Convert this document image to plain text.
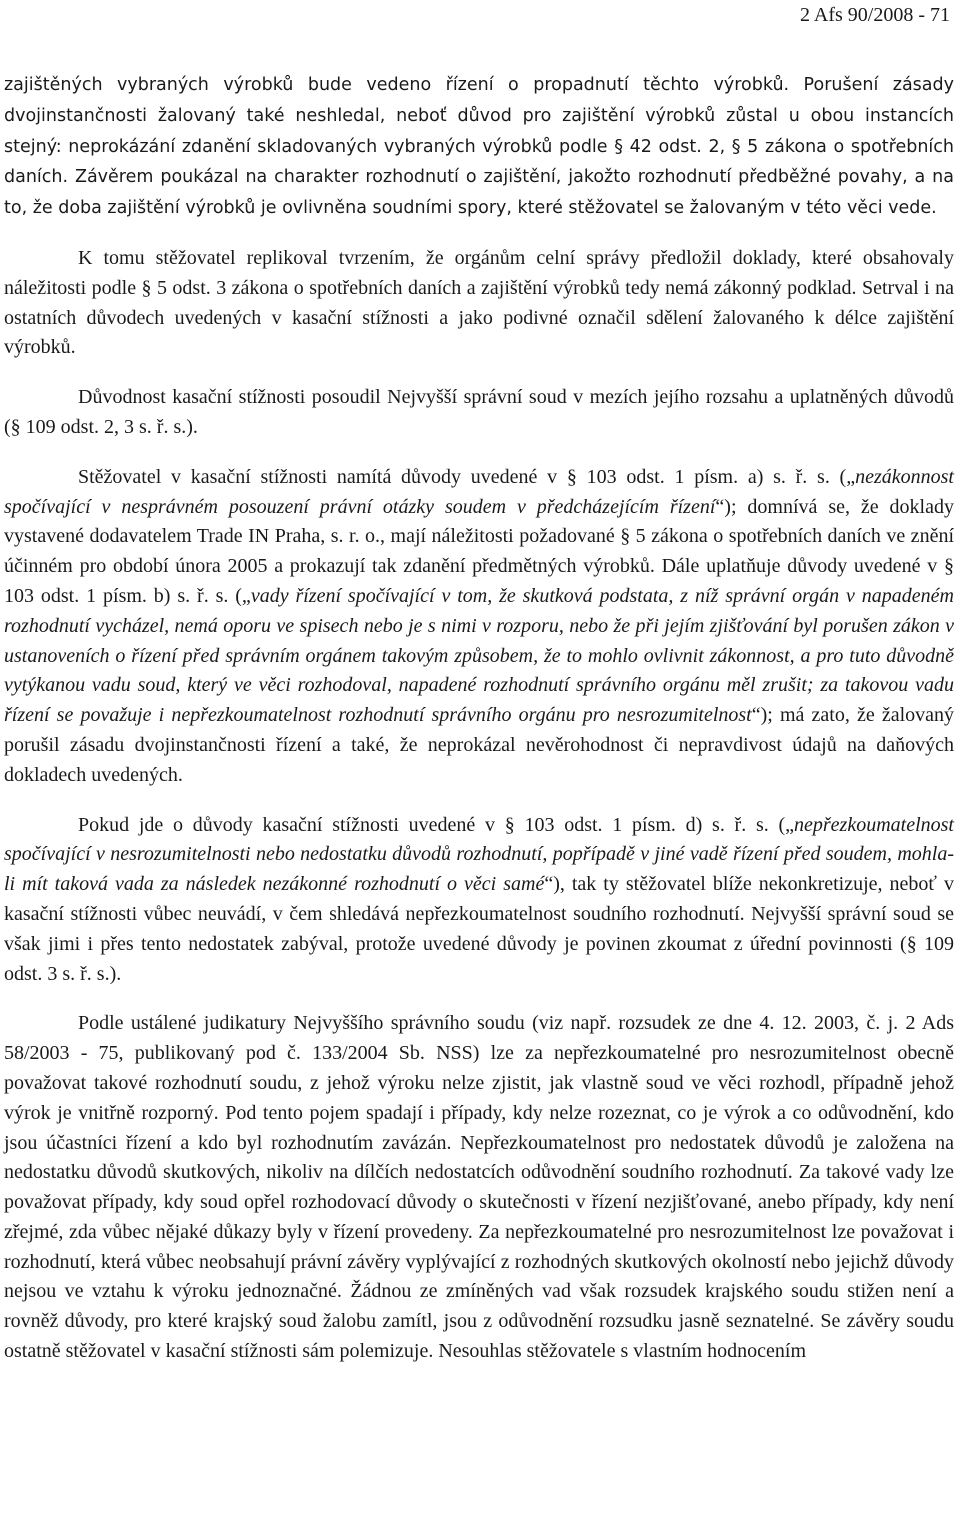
2 Afs 90/2008 - 71

zajištěných vybraných výrobků bude vedeno řízení o propadnutí těchto výrobků. Porušení zásady dvojinstančnosti žalovaný také neshledal, neboť důvod pro zajištění výrobků zůstal u obou instancích stejný: neprokázání zdanění skladovaných vybraných výrobků podle § 42 odst. 2, § 5 zákona o spotřebních daních. Závěrem poukázal na charakter rozhodnutí o zajištění, jakožto rozhodnutí předběžné povahy, a na to, že doba zajištění výrobků je ovlivněna soudními spory, které stěžovatel se žalovaným v této věci vede.

K tomu stěžovatel replikoval tvrzením, že orgánům celní správy předložil doklady, které obsahovaly náležitosti podle § 5 odst. 3 zákona o spotřebních daních a zajištění výrobků tedy nemá zákonný podklad. Setrval i na ostatních důvodech uvedených v kasační stížnosti a jako podivné označil sdělení žalovaného k délce zajištění výrobků.

Důvodnost kasační stížnosti posoudil Nejvyšší správní soud v mezích jejího rozsahu a uplatněných důvodů (§ 109 odst. 2, 3 s. ř. s.).

Stěžovatel v kasační stížnosti namítá důvody uvedené v § 103 odst. 1 písm. a) s. ř. s. („nezákonnost spočívající v nesprávném posouzení právní otázky soudem v předcházejícím řízení“); domnívá se, že doklady vystavené dodavatelem Trade IN Praha, s. r. o., mají náležitosti požadované § 5 zákona o spotřebních daních ve znění účinném pro období února 2005 a prokazují tak zdanění předmětných výrobků. Dále uplatňuje důvody uvedené v § 103 odst. 1 písm. b) s. ř. s. („vady řízení spočívající v tom, že skutková podstata, z níž správní orgán v napadeném rozhodnutí vycházel, nemá oporu ve spisech nebo je s nimi v rozporu, nebo že při jejím zjišťování byl porušen zákon v ustanoveních o řízení před správním orgánem takovým způsobem, že to mohlo ovlivnit zákonnost, a pro tuto důvodně vytýkanou vadu soud, který ve věci rozhodoval, napadené rozhodnutí správního orgánu měl zrušit; za takovou vadu řízení se považuje i nepřezkoumatelnost rozhodnutí správního orgánu pro nesrozumitelnost“); má zato, že žalovaný porušil zásadu dvojinstančnosti řízení a také, že neprokázal nevěrohodnost či nepravdivost údajů na daňových dokladech uvedených.

Pokud jde o důvody kasační stížnosti uvedené v § 103 odst. 1 písm. d) s. ř. s. („nepřezkoumatelnost spočívající v nesrozumitelnosti nebo nedostatku důvodů rozhodnutí, popřípadě v jiné vadě řízení před soudem, mohla-li mít taková vada za následek nezákonné rozhodnutí o věci samé“), tak ty stěžovatel blíže nekonkretizuje, neboť v kasační stížnosti vůbec neuvádí, v čem shledává nepřezkoumatelnost soudního rozhodnutí. Nejvyšší správní soud se však jimi i přes tento nedostatek zabýval, protože uvedené důvody je povinen zkoumat z úřední povinnosti (§ 109 odst. 3 s. ř. s.).

Podle ustálené judikatury Nejvyššího správního soudu (viz např. rozsudek ze dne 4. 12. 2003, č. j. 2 Ads 58/2003 - 75, publikovaný pod č. 133/2004 Sb. NSS) lze za nepřezkoumatelné pro nesrozumitelnost obecně považovat takové rozhodnutí soudu, z jehož výroku nelze zjistit, jak vlastně soud ve věci rozhodl, případně jehož výrok je vnitřně rozporný. Pod tento pojem spadají i případy, kdy nelze rozeznat, co je výrok a co odůvodnění, kdo jsou účastníci řízení a kdo byl rozhodnutím zavázán. Nepřezkoumatelnost pro nedostatek důvodů je založena na nedostatku důvodů skutkových, nikoliv na dílčích nedostatcích odůvodnění soudního rozhodnutí. Za takové vady lze považovat případy, kdy soud opřel rozhodovací důvody o skutečnosti v řízení nezjišťované, anebo případy, kdy není zřejmé, zda vůbec nějaké důkazy byly v řízení provedeny. Za nepřezkoumatelné pro nesrozumitelnost lze považovat i rozhodnutí, která vůbec neobsahují právní závěry vyplývající z rozhodných skutkových okolností nebo jejichž důvody nejsou ve vztahu k výroku jednoznačné. Žádnou ze zmíněných vad však rozsudek krajského soudu stižen není a rovněž důvody, pro které krajský soud žalobu zamítl, jsou z odůvodnění rozsudku jasně seznatelné. Se závěry soudu ostatně stěžovatel v kasační stížnosti sám polemizuje. Nesouhlas stěžovatele s vlastním hodnocením
